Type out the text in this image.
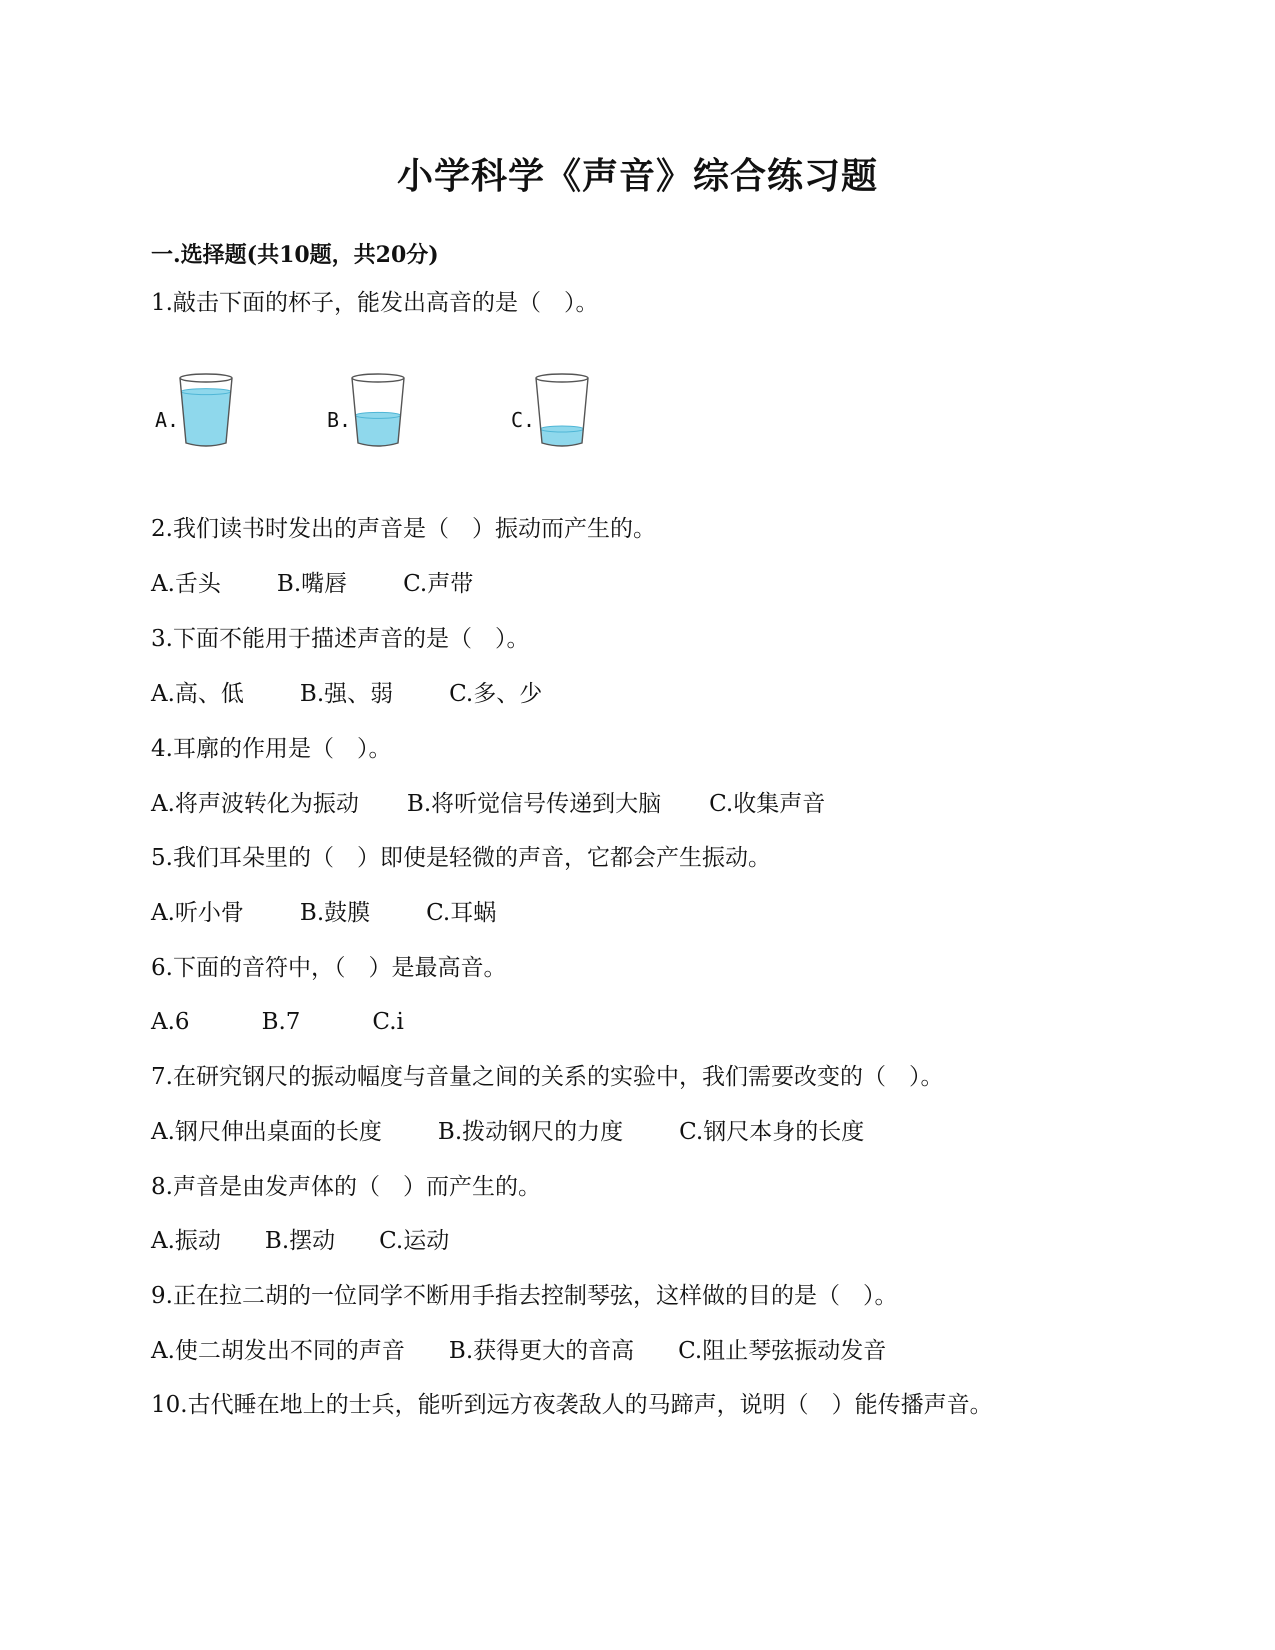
小学科学《声音》综合练习题
一.选择题(共10题，共20分)
1.敲击下面的杯子，能发出高音的是（　）。
A.	B.	C.
2.我们读书时发出的声音是（　）振动而产生的。
A.舌头 B.嘴唇 C.声带
3.下面不能用于描述声音的是（　）。
A.高、低 B.强、弱 C.多、少
4.耳廓的作用是（　）。
A.将声波转化为振动 B.将听觉信号传递到大脑 C.收集声音
5.我们耳朵里的（　）即使是轻微的声音，它都会产生振动。
A.听小骨 B.鼓膜 C.耳蜗
6.下面的音符中，（　）是最高音。
A.6	B.7	C.i
7.在研究钢尺的振动幅度与音量之间的关系的实验中，我们需要改变的（　）。
A.钢尺伸出桌面的长度 B.拨动钢尺的力度 C.钢尺本身的长度
8.声音是由发声体的（　）而产生的。
A.振动 B.摆动 C.运动
9.正在拉二胡的一位同学不断用手指去控制琴弦，这样做的目的是（　）。
A.使二胡发出不同的声音 B.获得更大的音高 C.阻止琴弦振动发音
10.古代睡在地上的士兵，能听到远方夜袭敌人的马蹄声，说明（　）能传播声音。
